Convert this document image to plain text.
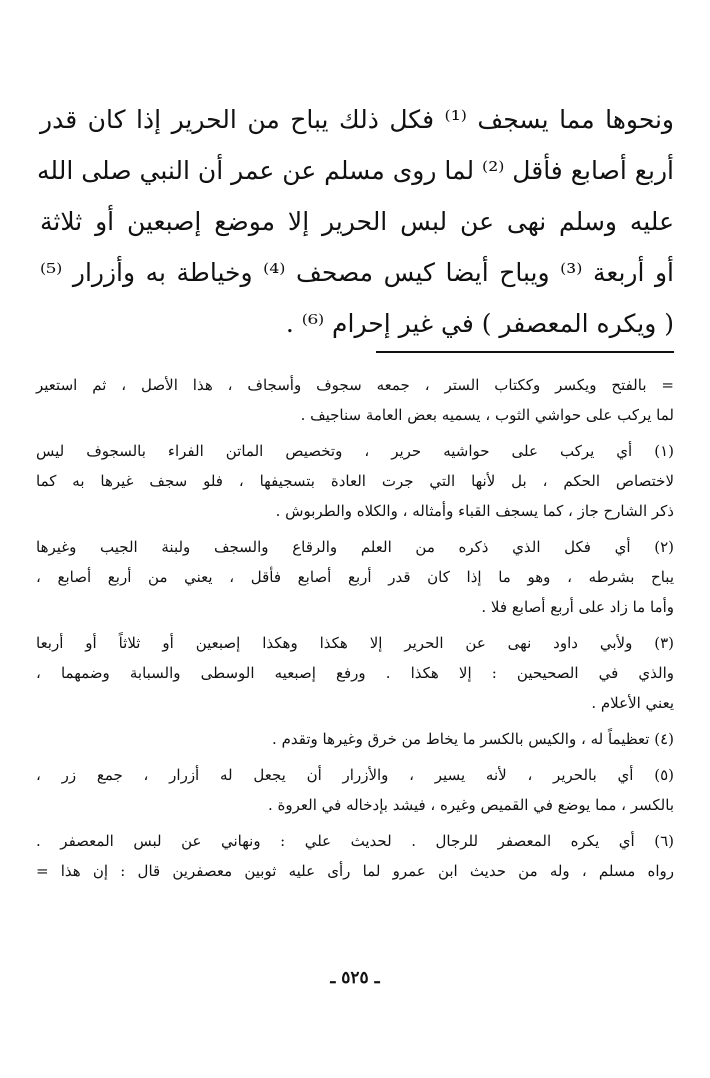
ونحوها مما يسجف ⁽¹⁾ فكل ذلك يباح من الحرير إذا كان قدر
أربع أصابع فأقل ⁽²⁾ لما روى مسلم عن عمر أن النبي صلى الله
عليه وسلم نهى عن لبس الحرير إلا موضع إصبعين أو ثلاثة
أو أربعة ⁽³⁾ ويباح أيضا كيس مصحف ⁽⁴⁾ وخياطة به وأزرار ⁽⁵⁾
( ويكره المعصفر ) في غير إحرام ⁽⁶⁾ .
= بالفتح ويكسر وككتاب الستر ، جمعه سجوف وأسجاف ، هذا الأصل ، ثم استعير
لما يركب على حواشي الثوب ، يسميه بعض العامة سناجيف .
(١) أي يركب على حواشيه حرير ، وتخصيص الماتن الفراء بالسجوف ليس
لاختصاص الحكم ، بل لأنها التي جرت العادة بتسجيفها ، فلو سجف غيرها به كما
ذكر الشارح جاز ، كما يسجف القباء وأمثاله ، والكلاه والطربوش .
(٢) أي فكل الذي ذكره من العلم والرقاع والسجف ولبنة الجيب وغيرها
يباح بشرطه ، وهو ما إذا كان قدر أربع أصابع فأقل ، يعني من أربع أصابع ،
وأما ما زاد على أربع أصابع فلا .
(٣) ولأبي داود نهى عن الحرير إلا هكذا وهكذا إصبعين أو ثلاثاً أو أربعا
والذي في الصحيحين : إلا هكذا . ورفع إصبعيه الوسطى والسبابة وضمهما ،
يعني الأعلام .
(٤) تعظيماً له ، والكيس بالكسر ما يخاط من خرق وغيرها وتقدم .
(٥) أي بالحرير ، لأنه يسير ، والأزرار أن يجعل له أزرار ، جمع زر ،
بالكسر ، مما يوضع في القميص وغيره ، فيشد بإدخاله في العروة .
(٦) أي يكره المعصفر للرجال . لحديث علي : ونهاني عن لبس المعصفر .
رواه مسلم ، وله من حديث ابن عمرو لما رأى عليه ثوبين معصفرين قال : إن هذا =
ـ ٥٢٥ ـ
